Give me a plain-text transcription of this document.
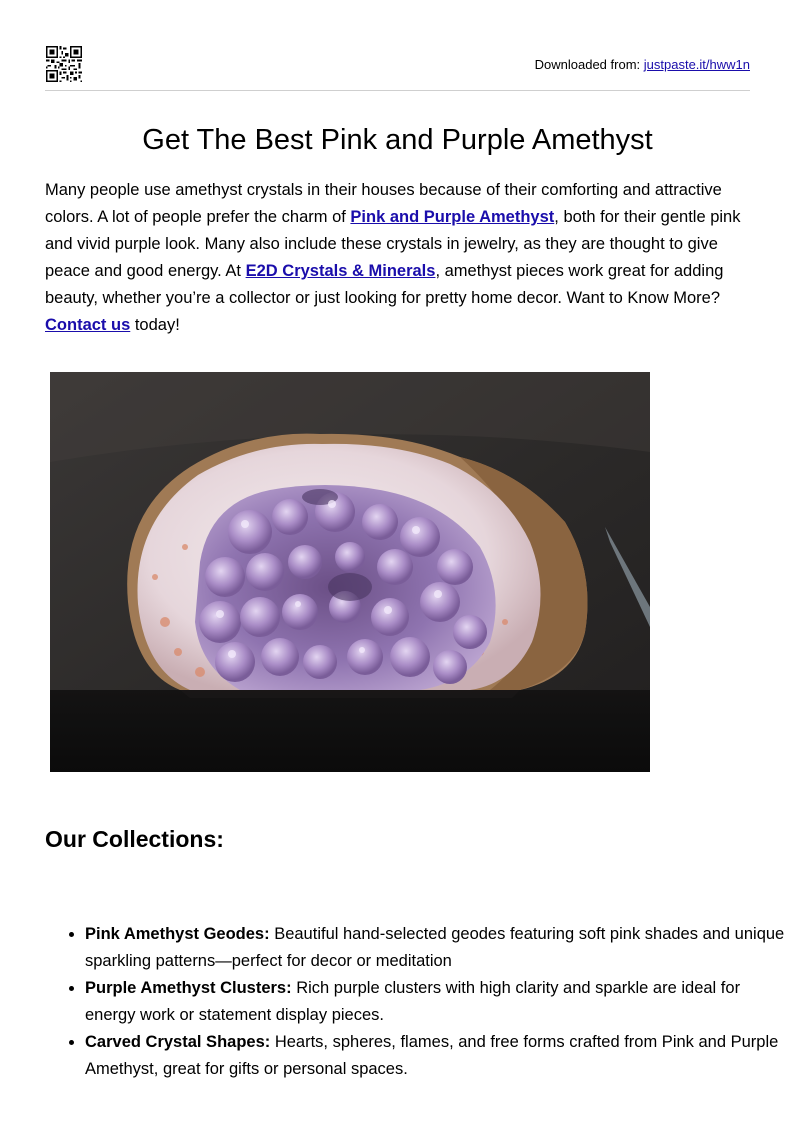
Downloaded from: justpaste.it/hww1n
Get The Best Pink and Purple Amethyst

Many people use amethyst crystals in their houses because of their comforting and attractive colors. A lot of people prefer the charm of Pink and Purple Amethyst, both for their gentle pink and vivid purple look. Many also include these crystals in jewelry, as they are thought to give peace and good energy. At E2D Crystals & Minerals, amethyst pieces work great for adding beauty, whether you’re a collector or just looking for pretty home decor. Want to Know More? Contact us today!

Our Collections:
• Pink Amethyst Geodes: Beautiful hand-selected geodes featuring soft pink shades and unique sparkling patterns—perfect for decor or meditation
• Purple Amethyst Clusters: Rich purple clusters with high clarity and sparkle are ideal for energy work or statement display pieces.
• Carved Crystal Shapes: Hearts, spheres, flames, and free forms crafted from Pink and Purple Amethyst, great for gifts or personal spaces.
